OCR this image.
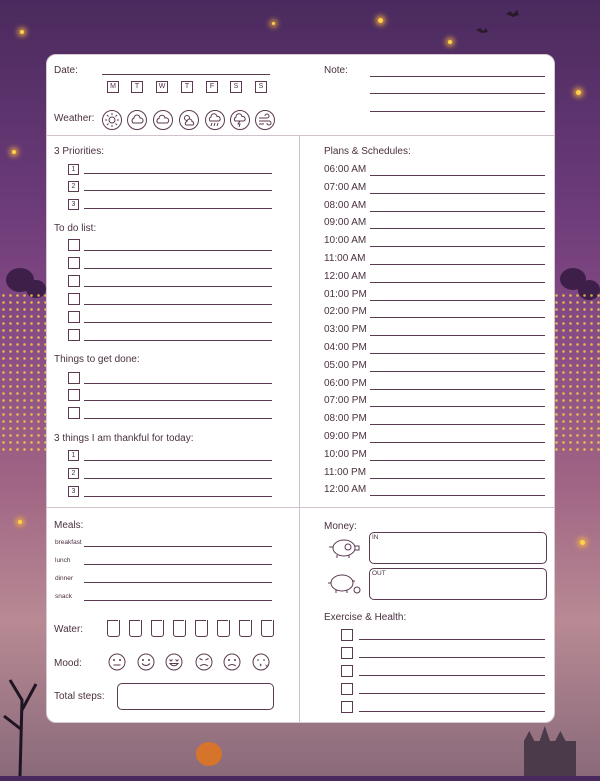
Date:
M	T	W	T	F	S	S
Weather:
Note:
3 Priorities:
1
2
3
To do list:
Things to get done:
3 things I am thankful for today:
1
2
3
Plans & Schedules:
06:00 AM
07:00 AM
08:00 AM
09:00 AM
10:00 AM
11:00 AM
12:00 AM
01:00 PM
02:00 PM
03:00 PM
04:00 PM
05:00 PM
06:00 PM
07:00 PM
08:00 PM
09:00 PM
10:00 PM
11:00 PM
12:00 AM
Meals:
breakfast
lunch
dinner
snack
Water:
Mood:
Total steps:
Money:
IN
OUT
Exercise & Health:
